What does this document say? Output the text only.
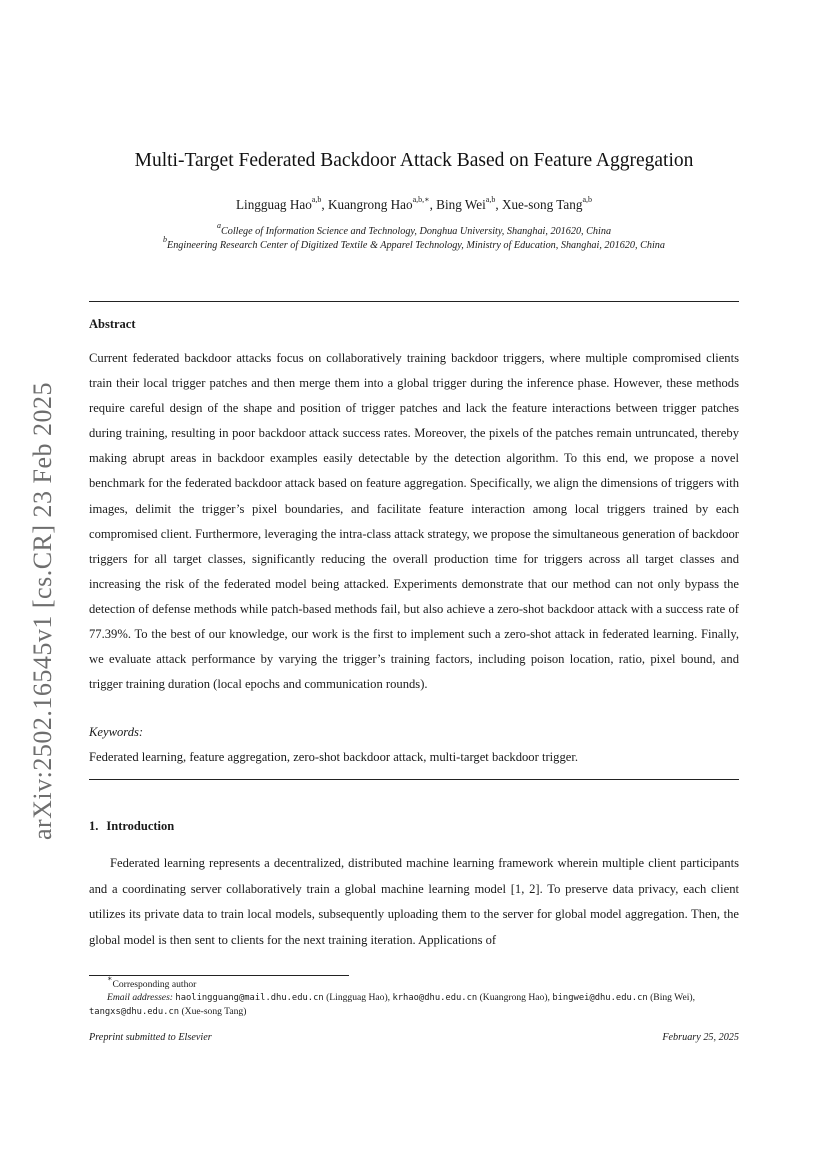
arXiv:2502.16545v1 [cs.CR] 23 Feb 2025
Multi-Target Federated Backdoor Attack Based on Feature Aggregation
Lingguag Hao$^{a,b}$, Kuangrong Hao$^{a,b,∗}$, Bing Wei$^{a,b}$, Xue-song Tang$^{a,b}$
$^a$College of Information Science and Technology, Donghua University, Shanghai, 201620, China
$^b$Engineering Research Center of Digitized Textile & Apparel Technology, Ministry of Education, Shanghai, 201620, China
Abstract

Current federated backdoor attacks focus on collaboratively training backdoor triggers, where multiple compromised clients train their local trigger patches and then merge them into a global trigger during the inference phase. However, these methods require careful design of the shape and position of trigger patches and lack the feature interactions between trigger patches during training, resulting in poor backdoor attack success rates. Moreover, the pixels of the patches remain untruncated, thereby making abrupt areas in backdoor examples easily detectable by the detection algorithm. To this end, we propose a novel benchmark for the federated backdoor attack based on feature aggregation. Specifically, we align the dimensions of triggers with images, delimit the trigger’s pixel boundaries, and facilitate feature interaction among local triggers trained by each compromised client. Furthermore, leveraging the intra-class attack strategy, we propose the simultaneous generation of backdoor triggers for all target classes, significantly reducing the overall production time for triggers across all target classes and increasing the risk of the federated model being attacked. Experiments demonstrate that our method can not only bypass the detection of defense methods while patch-based methods fail, but also achieve a zero-shot backdoor attack with a success rate of 77.39%. To the best of our knowledge, our work is the first to implement such a zero-shot attack in federated learning. Finally, we evaluate attack performance by varying the trigger’s training factors, including poison location, ratio, pixel bound, and trigger training duration (local epochs and communication rounds).

Keywords:
Federated learning, feature aggregation, zero-shot backdoor attack, multi-target backdoor trigger.
1. Introduction

Federated learning represents a decentralized, distributed machine learning framework wherein multiple client participants and a coordinating server collaboratively train a global machine learning model [1, 2]. To preserve data privacy, each client utilizes its private data to train local models, subsequently uploading them to the server for global model aggregation. Then, the global model is then sent to clients for the next training iteration. Applications of

∗Corresponding author
Email addresses: haolingguang@mail.dhu.edu.cn (Lingguag Hao), krhao@dhu.edu.cn (Kuangrong Hao), bingwei@dhu.edu.cn (Bing Wei), tangxs@dhu.edu.cn (Xue-song Tang)
Preprint submitted to Elsevier	February 25, 2025
